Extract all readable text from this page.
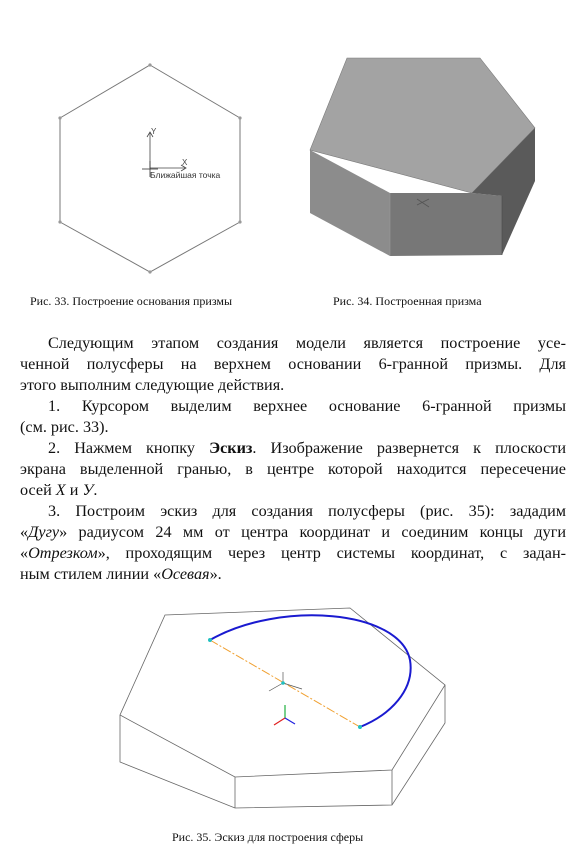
Y
X
Ближайшая точка
Рис. 33. Построение основания призмы	Рис. 34. Построенная призма
Следующим этапом создания модели является построение усе-
ченной полусферы на верхнем основании 6-гранной призмы. Для
этого выполним следующие действия.
1. Курсором выделим верхнее основание 6-гранной призмы
(см. рис. 33).
2. Нажмем кнопку Эскиз. Изображение развернется к плоскости
экрана выделенной гранью, в центре которой находится пересечение
осей X и У.
3. Построим эскиз для создания полусферы (рис. 35): зададим
«Дугу» радиусом 24 мм от центра координат и соединим концы дуги
«Отрезком», проходящим через центр системы координат, с задан-
ным стилем линии «Осевая».
Рис. 35. Эскиз для построения сферы
